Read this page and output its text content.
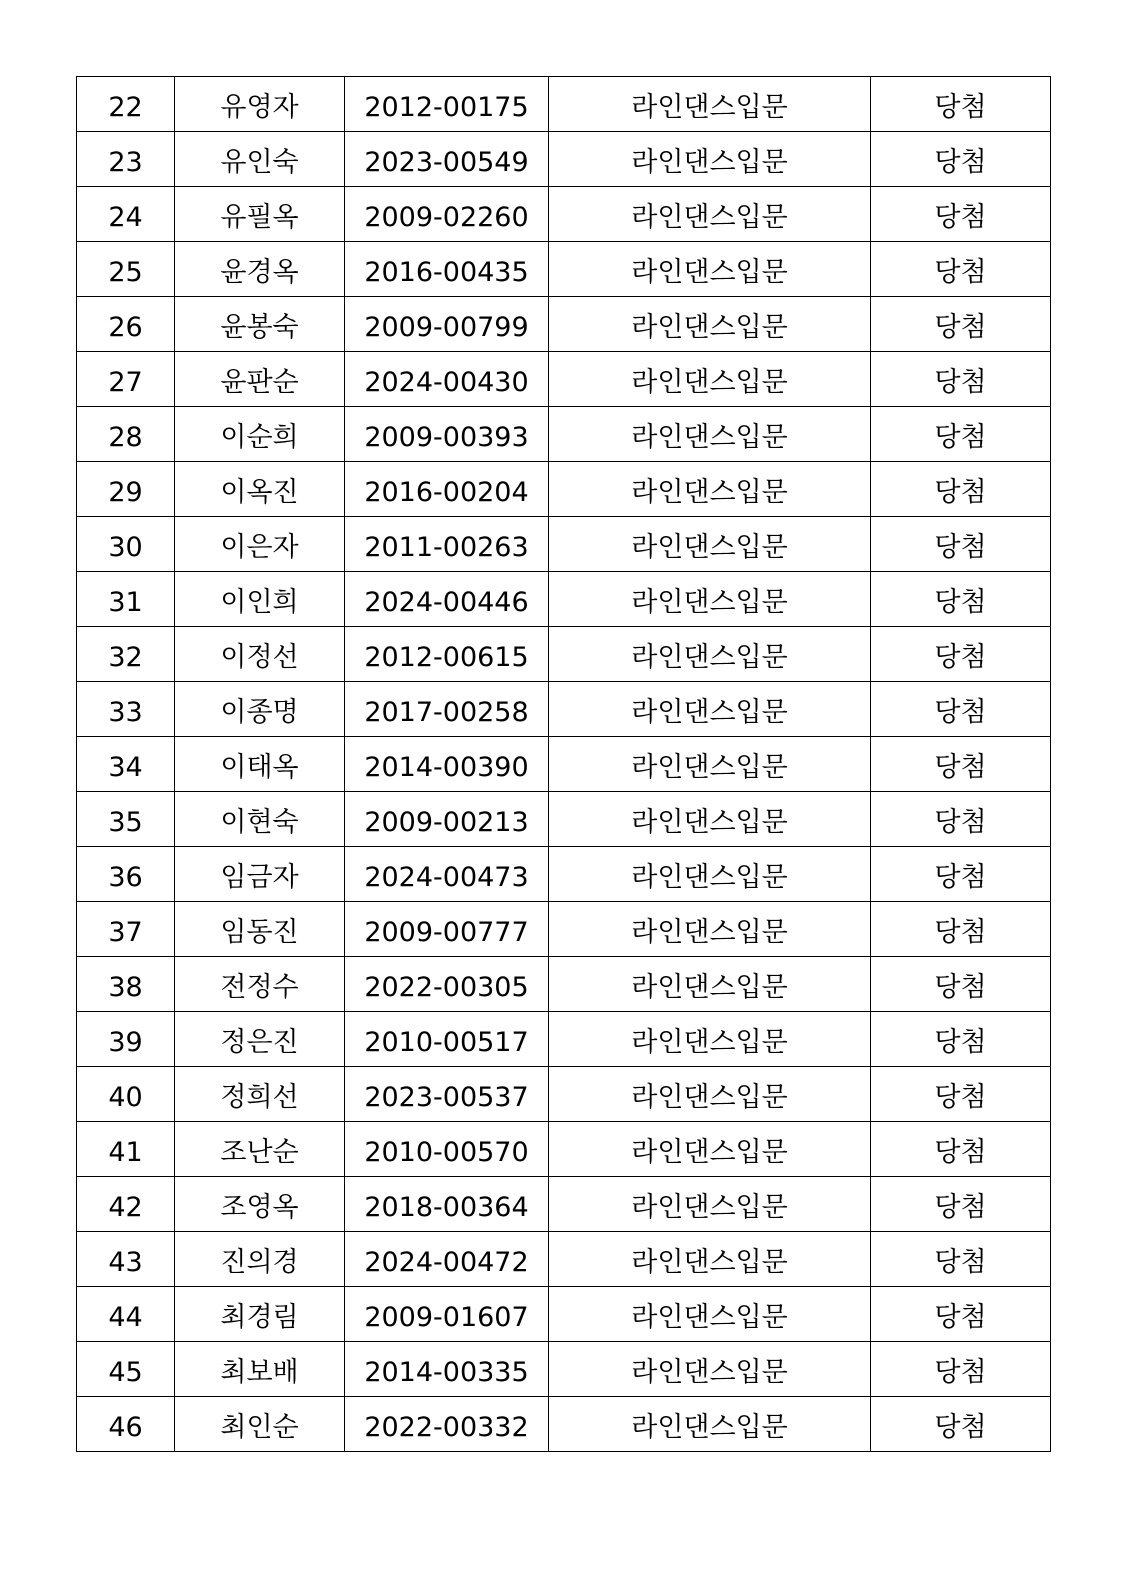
22	유영자	2012-00175	라인댄스입문	당첨
23	유인숙	2023-00549	라인댄스입문	당첨
24	유필옥	2009-02260	라인댄스입문	당첨
25	윤경옥	2016-00435	라인댄스입문	당첨
26	윤봉숙	2009-00799	라인댄스입문	당첨
27	윤판순	2024-00430	라인댄스입문	당첨
28	이순희	2009-00393	라인댄스입문	당첨
29	이옥진	2016-00204	라인댄스입문	당첨
30	이은자	2011-00263	라인댄스입문	당첨
31	이인희	2024-00446	라인댄스입문	당첨
32	이정선	2012-00615	라인댄스입문	당첨
33	이종명	2017-00258	라인댄스입문	당첨
34	이태옥	2014-00390	라인댄스입문	당첨
35	이현숙	2009-00213	라인댄스입문	당첨
36	임금자	2024-00473	라인댄스입문	당첨
37	임동진	2009-00777	라인댄스입문	당첨
38	전정수	2022-00305	라인댄스입문	당첨
39	정은진	2010-00517	라인댄스입문	당첨
40	정희선	2023-00537	라인댄스입문	당첨
41	조난순	2010-00570	라인댄스입문	당첨
42	조영옥	2018-00364	라인댄스입문	당첨
43	진의경	2024-00472	라인댄스입문	당첨
44	최경림	2009-01607	라인댄스입문	당첨
45	최보배	2014-00335	라인댄스입문	당첨
46	최인순	2022-00332	라인댄스입문	당첨
